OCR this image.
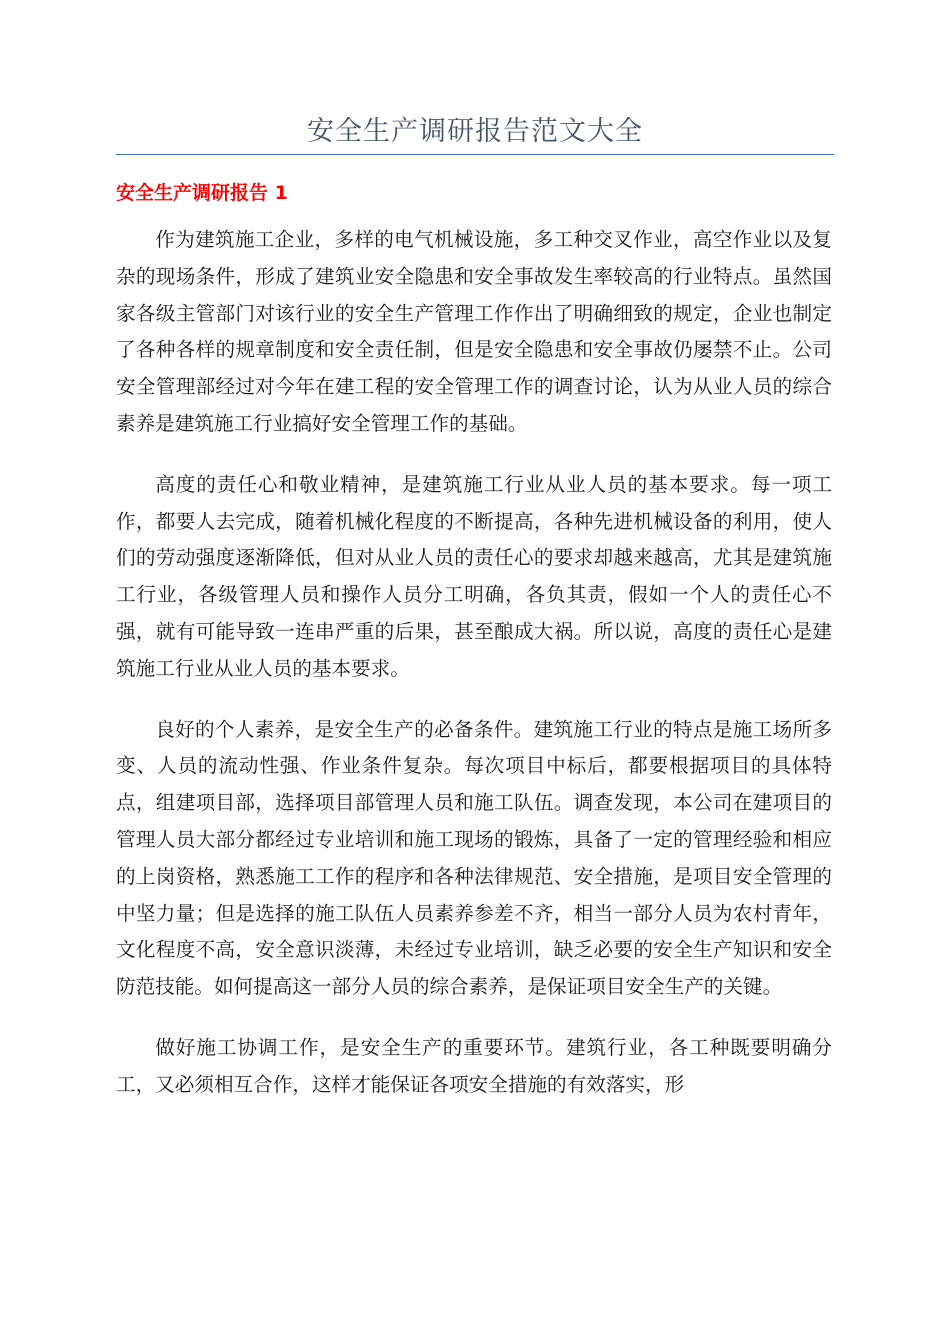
安全生产调研报告范文大全
安全生产调研报告 1

作为建筑施工企业，多样的电气机械设施，多工种交叉作业，高空作业以及复杂的现场条件，形成了建筑业安全隐患和安全事故发生率较高的行业特点。虽然国家各级主管部门对该行业的安全生产管理工作作出了明确细致的规定，企业也制定了各种各样的规章制度和安全责任制，但是安全隐患和安全事故仍屡禁不止。公司安全管理部经过对今年在建工程的安全管理工作的调查讨论，认为从业人员的综合素养是建筑施工行业搞好安全管理工作的基础。

高度的责任心和敬业精神，是建筑施工行业从业人员的基本要求。每一项工作，都要人去完成，随着机械化程度的不断提高，各种先进机械设备的利用，使人们的劳动强度逐渐降低，但对从业人员的责任心的要求却越来越高，尤其是建筑施工行业，各级管理人员和操作人员分工明确，各负其责，假如一个人的责任心不强，就有可能导致一连串严重的后果，甚至酿成大祸。所以说，高度的责任心是建筑施工行业从业人员的基本要求。

良好的个人素养，是安全生产的必备条件。建筑施工行业的特点是施工场所多变、人员的流动性强、作业条件复杂。每次项目中标后，都要根据项目的具体特点，组建项目部，选择项目部管理人员和施工队伍。调查发现，本公司在建项目的管理人员大部分都经过专业培训和施工现场的锻炼，具备了一定的管理经验和相应的上岗资格，熟悉施工工作的程序和各种法律规范、安全措施，是项目安全管理的中坚力量；但是选择的施工队伍人员素养参差不齐，相当一部分人员为农村青年，文化程度不高，安全意识淡薄，未经过专业培训，缺乏必要的安全生产知识和安全防范技能。如何提高这一部分人员的综合素养，是保证项目安全生产的关键。

做好施工协调工作，是安全生产的重要环节。建筑行业，各工种既要明确分工，又必须相互合作，这样才能保证各项安全措施的有效落实，形
